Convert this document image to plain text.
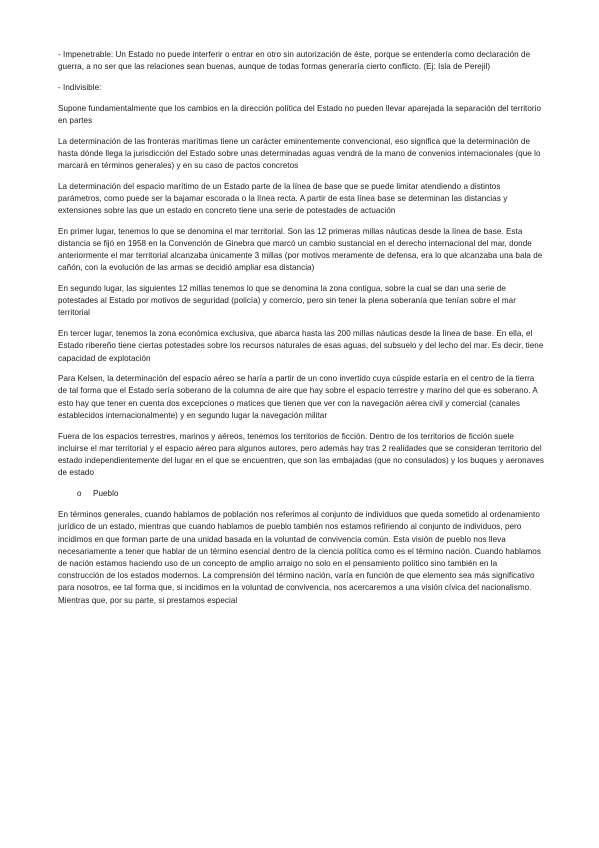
- Impenetrable: Un Estado no puede interferir o entrar en otro sin autorización de éste, porque se entendería como declaración de guerra, a no ser que las relaciones sean buenas, aunque de todas formas generaría cierto conflicto. (Ej: Isla de Perejil)

- Indivisible:

Supone fundamentalmente que los cambios en la dirección política del Estado no pueden llevar aparejada la separación del territorio en partes

La determinación de las fronteras marítimas tiene un carácter eminentemente convencional, eso significa que la determinación de hasta dónde llega la jurisdicción del Estado sobre unas determinadas aguas vendrá de la mano de convenios internacionales (que lo marcará en términos generales) y en su caso de pactos concretos

La determinación del espacio marítimo de un Estado parte de la línea de base que se puede limitar atendiendo a distintos parámetros, como puede ser la bajamar escorada o la línea recta. A partir de esta línea base se determinan las distancias y extensiones sobre las que un estado en concreto tiene una serie de potestades de actuación

En primer lugar, tenemos lo que se denomina el mar territorial. Son las 12 primeras millas náuticas desde la línea de base. Esta distancia se fijó en 1958 en la Convención de Ginebra que marcó un cambio sustancial en el derecho internacional del mar, donde anteriormente el mar territorial alcanzaba únicamente 3 millas (por motivos meramente de defensa, era lo que alcanzaba una bala de cañón, con la evolución de las armas se decidió ampliar esa distancia)

En segundo lugar, las siguientes 12 millas tenemos lo que se denomina la zona contigua, sobre la cual se dan una serie de potestades al Estado por motivos de seguridad (policía) y comercio, pero sin tener la plena soberanía que tenían sobre el mar territorial

En tercer lugar, tenemos la zona económica exclusiva, que abarca hasta las 200 millas náuticas desde la línea de base. En ella, el Estado ribereño tiene ciertas potestades sobre los recursos naturales de esas aguas, del subsuelo y del lecho del mar. Es decir, tiene capacidad de explotación

Para Kelsen, la determinación del espacio aéreo se haría a partir de un cono invertido cuya cúspide estaría en el centro de la tierra de tal forma que el Estado sería soberano de la columna de aire que hay sobre el espacio terrestre y marino del que es soberano. A esto hay que tener en cuenta dos excepciones o matices que tienen que ver con la navegación aérea civil y comercial (canales establecidos internacionalmente) y en segundo lugar la navegación militar

Fuera de los espacios terrestres, marinos y aéreos, tenemos los territorios de ficción. Dentro de los territorios de ficción suele incluirse el mar territorial y el espacio aéreo para algunos autores, pero además hay tras 2 realidades que se consideran territorio del estado independientemente del lugar en el que se encuentren, que son las embajadas (que no consulados) y los buques y aeronaves de estado

o	Pueblo

En términos generales, cuando hablamos de población nos referimos al conjunto de individuos que queda sometido al ordenamiento jurídico de un estado, mientras que cuando hablamos de pueblo también nos estamos refiriendo al conjunto de individuos, pero incidimos en que forman parte de una unidad basada en la voluntad de convivencia común. Esta visión de pueblo nos lleva necesariamente a tener que hablar de un término esencial dentro de la ciencia política como es el término nación. Cuando hablamos de nación estamos haciendo uso de un concepto de amplio arraigo no solo en el pensamiento político sino también en la construcción de los estados modernos. La comprensión del término nación, varía en función de que elemento sea más significativo para nosotros, ee tal forma que, si incidimos en la voluntad de convivencia, nos acercaremos a una visión cívica del nacionalismo. Mientras que, por su parte, si prestamos especial
